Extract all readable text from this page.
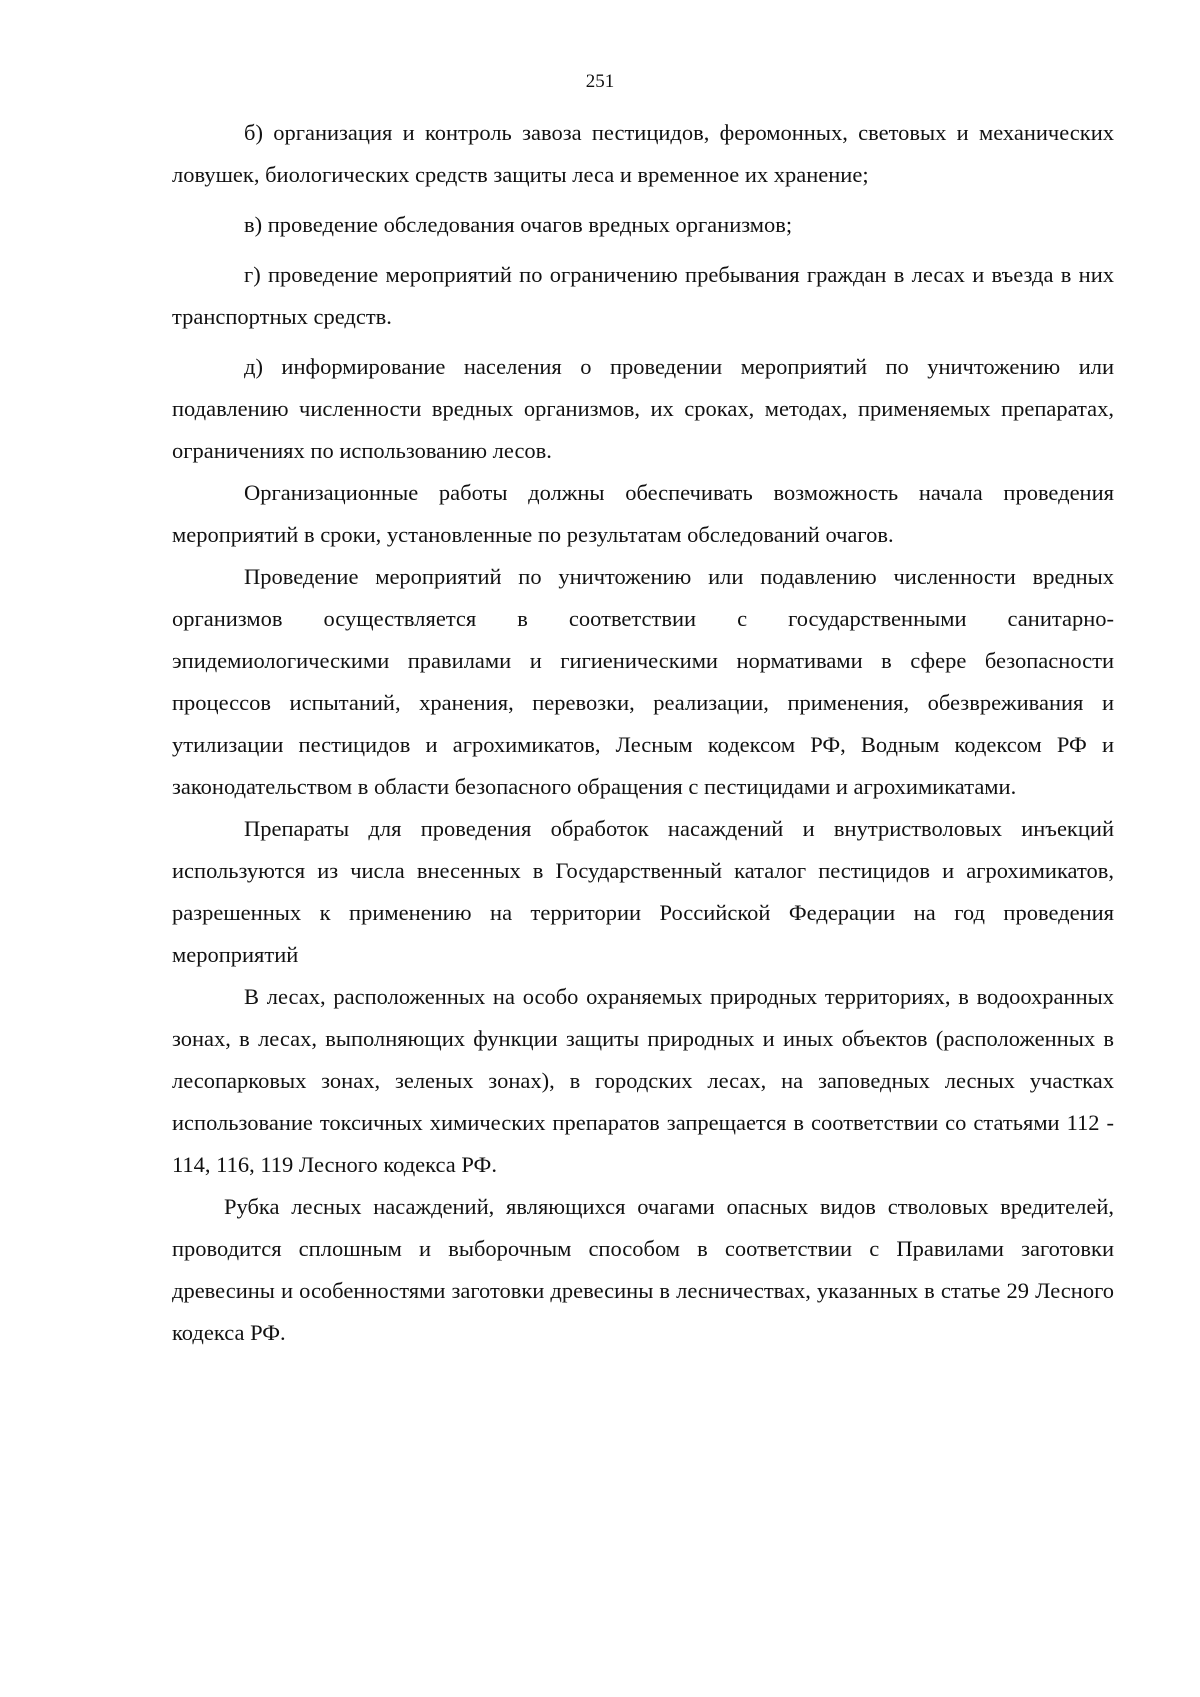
251

б) организация и контроль завоза пестицидов, феромонных, световых и механических ловушек, биологических средств защиты леса и временное их хранение;

в) проведение обследования очагов вредных организмов;

г) проведение мероприятий по ограничению пребывания граждан в лесах и въезда в них транспортных средств.

д) информирование населения о проведении мероприятий по уничтожению или подавлению численности вредных организмов, их сроках, методах, применяемых препаратах, ограничениях по использованию лесов.

Организационные работы должны обеспечивать возможность начала проведения мероприятий в сроки, установленные по результатам обследований очагов.

Проведение мероприятий по уничтожению или подавлению численности вредных организмов осуществляется в соответствии с государственными санитарно-эпидемиологическими правилами и гигиеническими нормативами в сфере безопасности процессов испытаний, хранения, перевозки, реализации, применения, обезвреживания и утилизации пестицидов и агрохимикатов, Лесным кодексом РФ, Водным кодексом РФ и законодательством в области безопасного обращения с пестицидами и агрохимикатами.

Препараты для проведения обработок насаждений и внутристволовых инъекций используются из числа внесенных в Государственный каталог пестицидов и агрохимикатов, разрешенных к применению на территории Российской Федерации на год проведения мероприятий

В лесах, расположенных на особо охраняемых природных территориях, в водоохранных зонах, в лесах, выполняющих функции защиты природных и иных объектов (расположенных в лесопарковых зонах, зеленых зонах), в городских лесах, на заповедных лесных участках использование токсичных химических препаратов запрещается в соответствии со статьями 112 - 114, 116, 119 Лесного кодекса РФ.

Рубка лесных насаждений, являющихся очагами опасных видов стволовых вредителей, проводится сплошным и выборочным способом в соответствии с Правилами заготовки древесины и особенностями заготовки древесины в лесничествах, указанных в статье 29 Лесного кодекса РФ.
